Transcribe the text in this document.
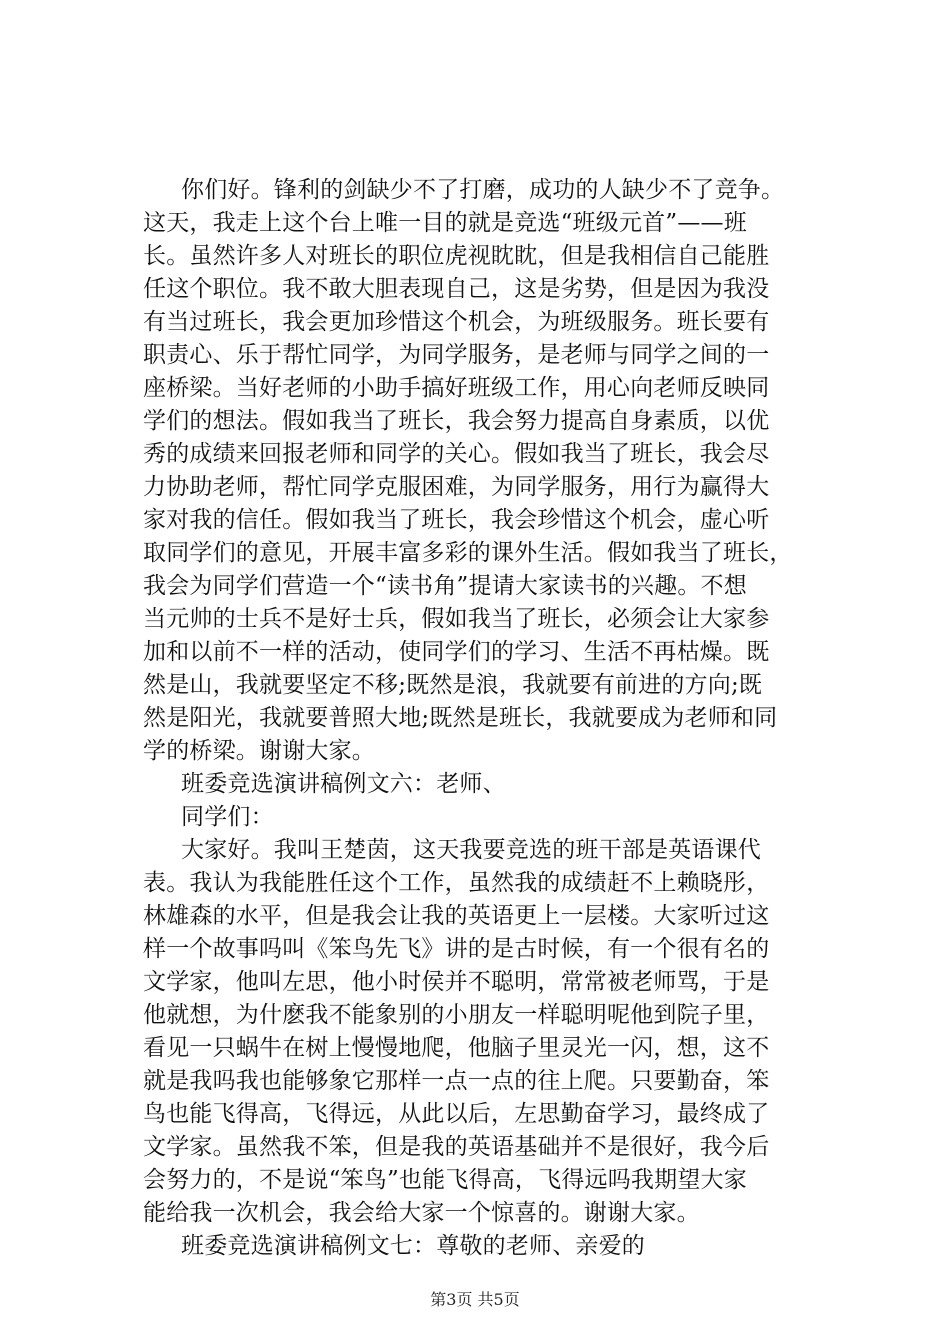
你们好。锋利的剑缺少不了打磨，成功的人缺少不了竞争。
这天，我走上这个台上唯一目的就是竞选“班级元首”——班
长。虽然许多人对班长的职位虎视眈眈，但是我相信自己能胜
任这个职位。我不敢大胆表现自己，这是劣势，但是因为我没
有当过班长，我会更加珍惜这个机会，为班级服务。班长要有
职责心、乐于帮忙同学，为同学服务，是老师与同学之间的一
座桥梁。当好老师的小助手搞好班级工作，用心向老师反映同
学们的想法。假如我当了班长，我会努力提高自身素质，以优
秀的成绩来回报老师和同学的关心。假如我当了班长，我会尽
力协助老师，帮忙同学克服困难，为同学服务，用行为赢得大
家对我的信任。假如我当了班长，我会珍惜这个机会，虚心听
取同学们的意见，开展丰富多彩的课外生活。假如我当了班长，
我会为同学们营造一个“读书角”提请大家读书的兴趣。不想
当元帅的士兵不是好士兵，假如我当了班长，必须会让大家参
加和以前不一样的活动，使同学们的学习、生活不再枯燥。既
然是山，我就要坚定不移;既然是浪，我就要有前进的方向;既
然是阳光，我就要普照大地;既然是班长，我就要成为老师和同
学的桥梁。谢谢大家。
班委竞选演讲稿例文六：老师、
同学们：
大家好。我叫王楚茵，这天我要竞选的班干部是英语课代
表。我认为我能胜任这个工作，虽然我的成绩赶不上赖晓彤，
林雄森的水平，但是我会让我的英语更上一层楼。大家听过这
样一个故事吗叫《笨鸟先飞》讲的是古时候，有一个很有名的
文学家，他叫左思，他小时侯并不聪明，常常被老师骂，于是
他就想，为什麽我不能象别的小朋友一样聪明呢他到院子里，
看见一只蜗牛在树上慢慢地爬，他脑子里灵光一闪，想，这不
就是我吗我也能够象它那样一点一点的往上爬。只要勤奋，笨
鸟也能飞得高，飞得远，从此以后，左思勤奋学习，最终成了
文学家。虽然我不笨，但是我的英语基础并不是很好，我今后
会努力的，不是说“笨鸟”也能飞得高，飞得远吗我期望大家
能给我一次机会，我会给大家一个惊喜的。谢谢大家。
班委竞选演讲稿例文七：尊敬的老师、亲爱的
第3页 共5页
